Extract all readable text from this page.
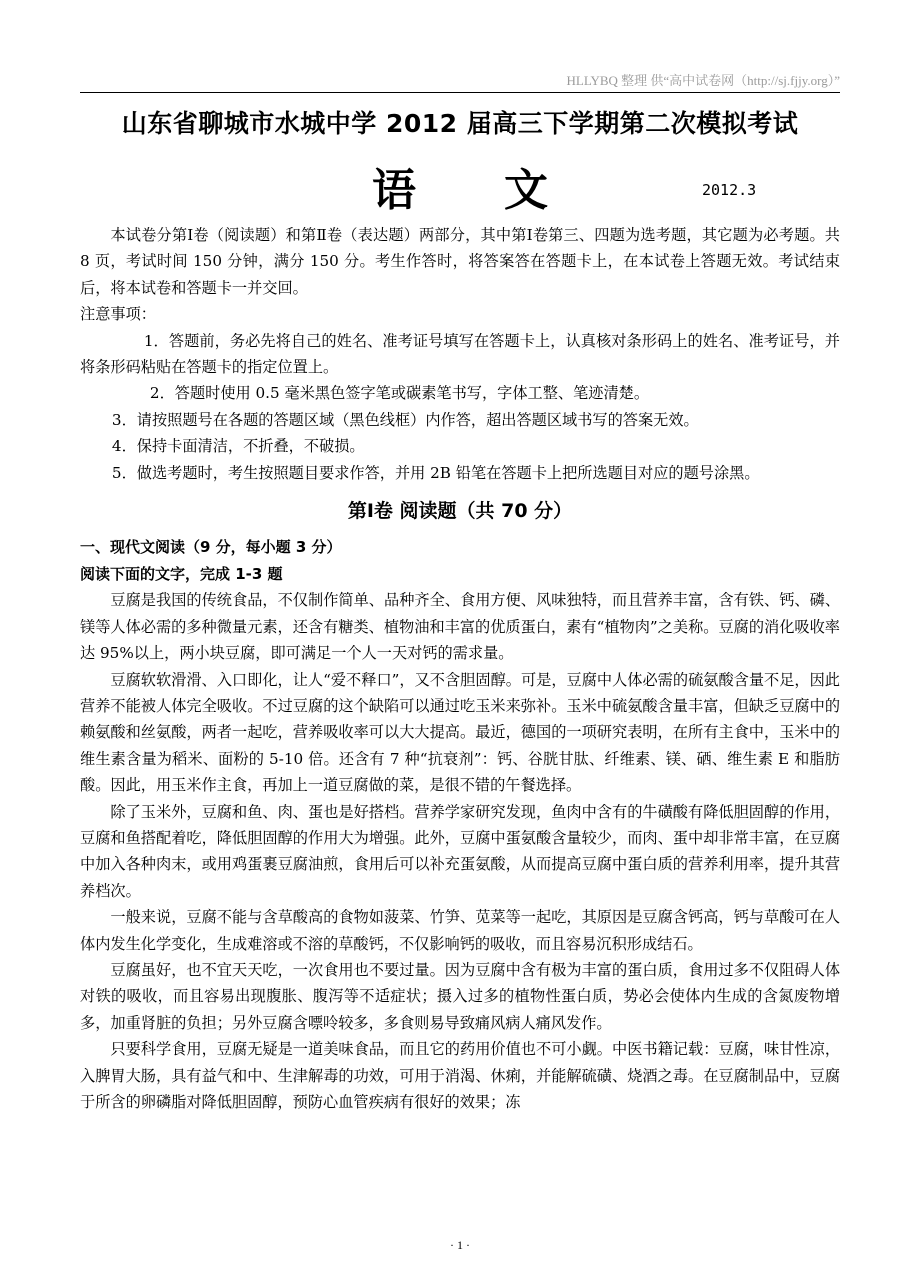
HLLYBQ 整理 供“高中试卷网（http://sj.fjjy.org）”
山东省聊城市水城中学 2012 届高三下学期第二次模拟考试
语文	2012.3

本试卷分第Ⅰ卷（阅读题）和第Ⅱ卷（表达题）两部分，其中第Ⅰ卷第三、四题为选考题，其它题为必考题。共 8 页，考试时间 150 分钟，满分 150 分。考生作答时，将答案答在答题卡上，在本试卷上答题无效。考试结束后，将本试卷和答题卡一并交回。

注意事项：

1．答题前，务必先将自己的姓名、准考证号填写在答题卡上，认真核对条形码上的姓名、准考证号，并将条形码粘贴在答题卡的指定位置上。

2．答题时使用 0.5 毫米黑色签字笔或碳素笔书写，字体工整、笔迹清楚。

3．请按照题号在各题的答题区域（黑色线框）内作答，超出答题区域书写的答案无效。

4．保持卡面清洁，不折叠，不破损。

5．做选考题时，考生按照题目要求作答，并用 2B 铅笔在答题卡上把所选题目对应的题号涂黑。

第Ⅰ卷 阅读题（共 70 分）

一、现代文阅读（9 分，每小题 3 分）

阅读下面的文字，完成 1-3 题

豆腐是我国的传统食品，不仅制作简单、品种齐全、食用方便、风味独特，而且营养丰富，含有铁、钙、磷、镁等人体必需的多种微量元素，还含有糖类、植物油和丰富的优质蛋白，素有“植物肉”之美称。豆腐的消化吸收率达 95%以上，两小块豆腐，即可满足一个人一天对钙的需求量。

豆腐软软滑滑、入口即化，让人“爱不释口”，又不含胆固醇。可是，豆腐中人体必需的硫氨酸含量不足，因此营养不能被人体完全吸收。不过豆腐的这个缺陷可以通过吃玉米来弥补。玉米中硫氨酸含量丰富，但缺乏豆腐中的赖氨酸和丝氨酸，两者一起吃，营养吸收率可以大大提高。最近，德国的一项研究表明，在所有主食中，玉米中的维生素含量为稻米、面粉的 5-10 倍。还含有 7 种“抗衰剂”：钙、谷胱甘肽、纤维素、镁、硒、维生素 E 和脂肪酸。因此，用玉米作主食，再加上一道豆腐做的菜，是很不错的午餐选择。

除了玉米外，豆腐和鱼、肉、蛋也是好搭档。营养学家研究发现，鱼肉中含有的牛磺酸有降低胆固醇的作用，豆腐和鱼搭配着吃，降低胆固醇的作用大为增强。此外，豆腐中蛋氨酸含量较少，而肉、蛋中却非常丰富，在豆腐中加入各种肉末，或用鸡蛋裹豆腐油煎，食用后可以补充蛋氨酸，从而提高豆腐中蛋白质的营养利用率，提升其营养档次。

一般来说，豆腐不能与含草酸高的食物如菠菜、竹笋、苋菜等一起吃，其原因是豆腐含钙高，钙与草酸可在人体内发生化学变化，生成难溶或不溶的草酸钙，不仅影响钙的吸收，而且容易沉积形成结石。

豆腐虽好，也不宜天天吃，一次食用也不要过量。因为豆腐中含有极为丰富的蛋白质，食用过多不仅阻碍人体对铁的吸收，而且容易出现腹胀、腹泻等不适症状；摄入过多的植物性蛋白质，势必会使体内生成的含氮废物增多，加重肾脏的负担；另外豆腐含嘌呤较多，多食则易导致痛风病人痛风发作。

只要科学食用，豆腐无疑是一道美味食品，而且它的药用价值也不可小觑。中医书籍记载：豆腐，味甘性凉，入脾胃大肠，具有益气和中、生津解毒的功效，可用于消渴、休痢，并能解硫磺、烧酒之毒。在豆腐制品中，豆腐于所含的卵磷脂对降低胆固醇，预防心血管疾病有很好的效果；冻

· 1 ·
